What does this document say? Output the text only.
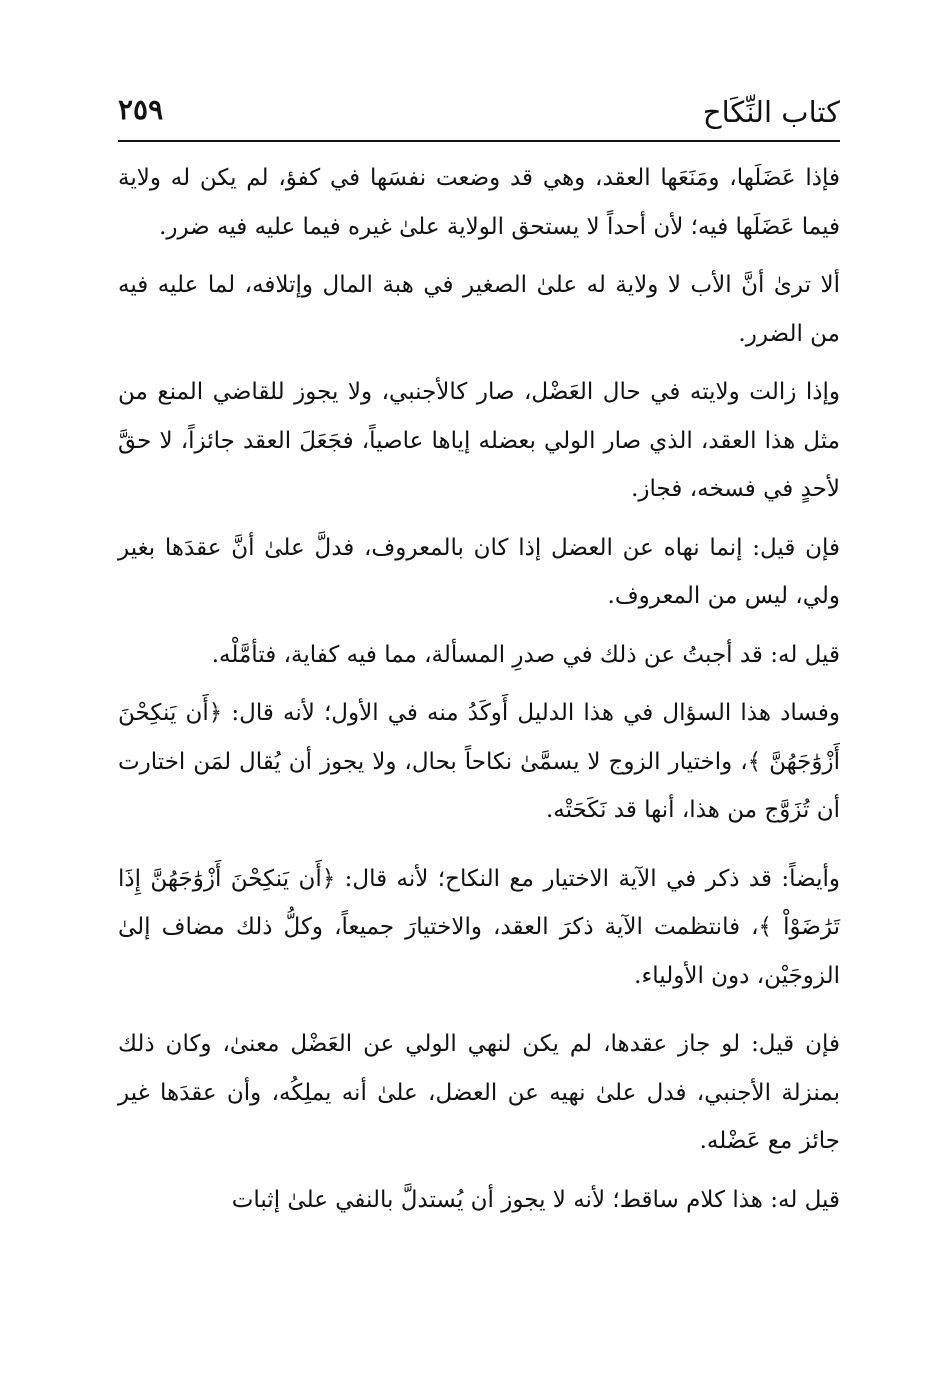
كتاب النِّكَاح
٢٥٩

فإذا عَضَلَها، ومَنَعَها العقد، وهي قد وضعت نفسَها في كفؤ، لم يكن له ولاية فيما عَضَلَها فيه؛ لأن أحداً لا يستحق الولاية علىٰ غيره فيما عليه فيه ضرر.

ألا ترىٰ أنَّ الأب لا ولاية له علىٰ الصغير في هبة المال وإتلافه، لما عليه فيه من الضرر.

وإذا زالت ولايته في حال العَضْل، صار كالأجنبي، ولا يجوز للقاضي المنع من مثل هذا العقد، الذي صار الولي بعضله إياها عاصياً، فجَعَلَ العقد جائزاً، لا حقَّ لأحدٍ في فسخه، فجاز.

فإن قيل: إنما نهاه عن العضل إذا كان بالمعروف، فدلَّ علىٰ أنَّ عقدَها بغير ولي، ليس من المعروف.

قيل له: قد أجبتُ عن ذلك في صدرِ المسألة، مما فيه كفاية، فتأمَّلْه.

وفساد هذا السؤال في هذا الدليل أَوكَدُ منه في الأول؛ لأنه قال: ﴿أَن يَنكِحْنَ أَزْوَٰجَهُنَّ ﴾، واختيار الزوج لا يسمَّىٰ نكاحاً بحال، ولا يجوز أن يُقال لمَن اختارت أن تُزَوَّج من هذا، أنها قد نَكَحَتْه.

وأيضاً: قد ذكر في الآية الاختيار مع النكاح؛ لأنه قال: ﴿أَن يَنكِحْنَ أَزْوَٰجَهُنَّ إِذَا تَرَٰضَوْاْ ﴾، فانتظمت الآية ذكرَ العقد، والاختيارَ جميعاً، وكلُّ ذلك مضاف إلىٰ الزوجَيْن، دون الأولياء.

فإن قيل: لو جاز عقدها، لم يكن لنهي الولي عن العَضْل معنىٰ، وكان ذلك بمنزلة الأجنبي، فدل علىٰ نهيه عن العضل، علىٰ أنه يملِكُه، وأن عقدَها غير جائز مع عَضْله.

قيل له: هذا كلام ساقط؛ لأنه لا يجوز أن يُستدلَّ بالنفي علىٰ إثبات
